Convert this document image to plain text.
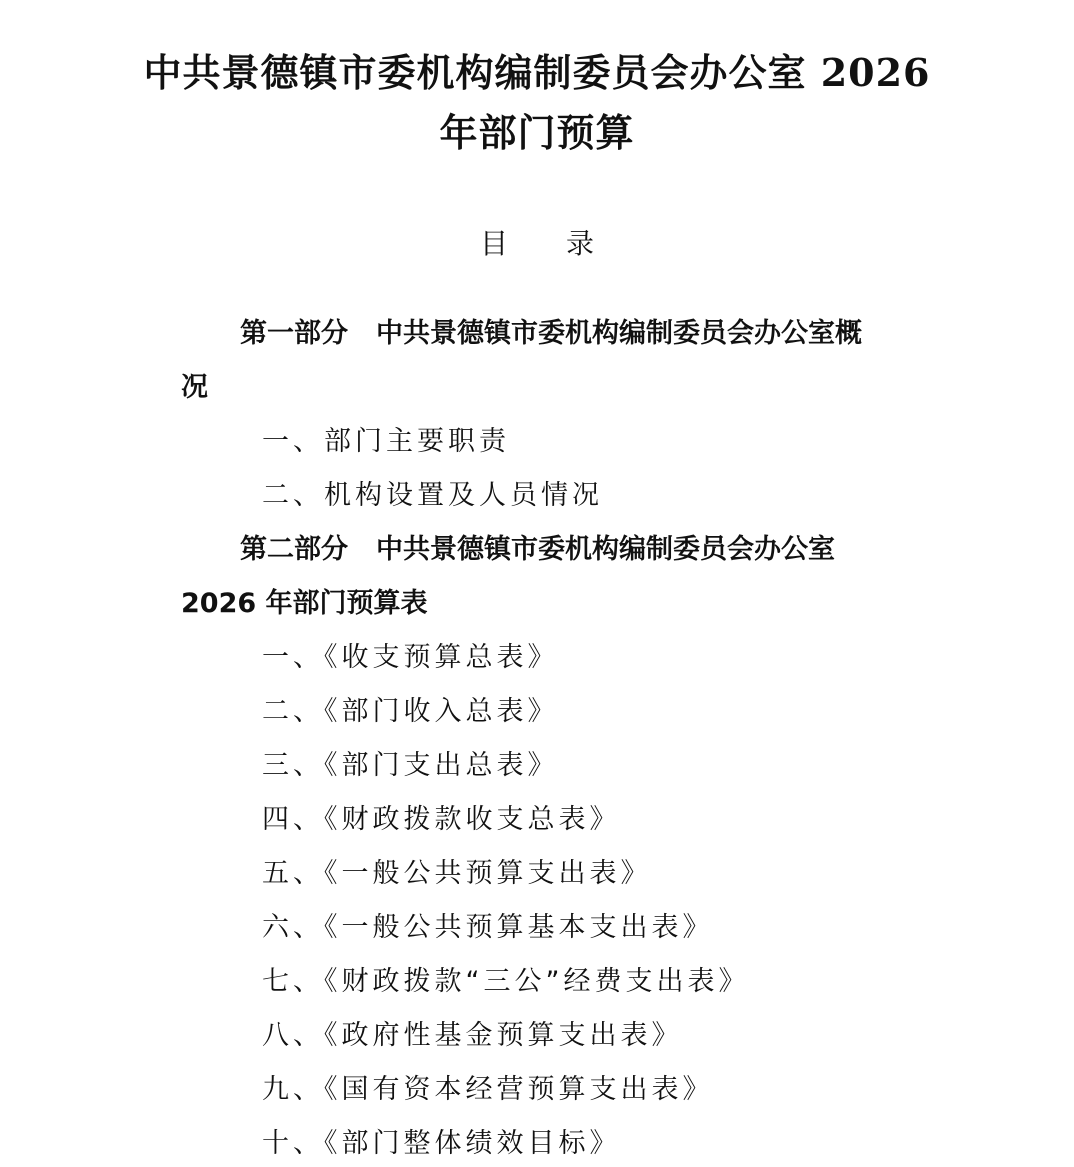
中共景德镇市委机构编制委员会办公室 2026
年部门预算
目 录
第一部分 中共景德镇市委机构编制委员会办公室概
况
一、部门主要职责
二、机构设置及人员情况
第二部分 中共景德镇市委机构编制委员会办公室
2026 年部门预算表
一、《收支预算总表》
二、《部门收入总表》
三、《部门支出总表》
四、《财政拨款收支总表》
五、《一般公共预算支出表》
六、《一般公共预算基本支出表》
七、《财政拨款“三公”经费支出表》
八、《政府性基金预算支出表》
九、《国有资本经营预算支出表》
十、《部门整体绩效目标》
